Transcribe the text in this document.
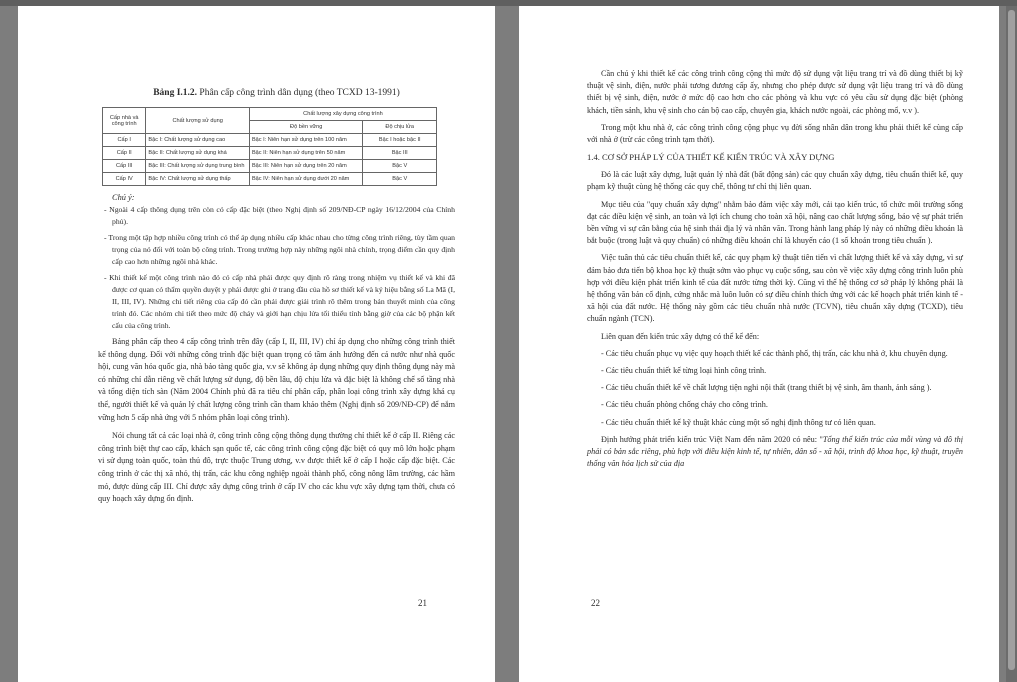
Bảng I.1.2. Phân cấp công trình dân dụng (theo TCXD 13-1991)
Cấp nhà và công trình	Chất lượng sử dụng	Chất lượng xây dựng công trình	
		Độ bền vững	Độ chịu lửa
Cấp I	Bậc I: Chất lượng sử dụng cao	Bậc I: Niên hạn sử dụng trên 100 năm	Bậc I hoặc bậc II
Cấp II	Bậc II: Chất lượng sử dụng khá	Bậc II: Niên hạn sử dụng trên 50 năm	Bậc III
Cấp III	Bậc III: Chất lượng sử dụng trung bình	Bậc III: Niên hạn sử dụng trên 20 năm	Bậc V
Cấp IV	Bậc IV: Chất lượng sử dụng thấp	Bậc IV: Niên hạn sử dụng dưới 20 năm	Bậc V
Chú ý:
- Ngoài 4 cấp thông dụng trên còn có cấp đặc biệt (theo Nghị định số 209/NĐ-CP ngày 16/12/2004 của Chính phủ).
- Trong một tập hợp nhiều công trình có thể áp dụng nhiều cấp khác nhau cho từng công trình riêng, tùy tầm quan trọng của nó đối với toàn bộ công trình. Trong trường hợp này những ngôi nhà chính, trọng điểm cần quy định cấp cao hơn những ngôi nhà khác.
- Khi thiết kế một công trình nào đó có cấp nhà phải được quy định rõ ràng trong nhiệm vụ thiết kế và khi đã được cơ quan có thẩm quyền duyệt y phải được ghi ở trang đầu của hồ sơ thiết kế và ký hiệu bằng số La Mã (I, II, III, IV). Những chi tiết riêng của cấp đó cần phải được giải trình rõ thêm trong bản thuyết minh của công trình đó. Các nhóm chi tiết theo mức độ cháy và giới hạn chịu lửa tối thiểu tính bằng giờ của các bộ phận kết cấu của công trình.

Bảng phân cấp theo 4 cấp công trình trên đây (cấp I, II, III, IV) chỉ áp dụng cho những công trình thiết kế thông dụng. Đối với những công trình đặc biệt quan trọng có tầm ảnh hưởng đến cả nước như nhà quốc hội, cung văn hóa quốc gia, nhà bảo tàng quốc gia, v.v sẽ không áp dụng những quy định thông dụng này mà có những chỉ dẫn riêng về chất lượng sử dụng, độ bền lâu, độ chịu lửa và đặc biệt là không chế số tầng nhà và tổng diện tích sàn (Năm 2004 Chính phủ đã ra tiêu chí phân cấp, phân loại công trình xây dựng khá cụ thể, người thiết kế và quản lý chất lượng công trình cần tham khảo thêm (Nghị định số 209/NĐ-CP) để nắm vững hơn 5 cấp nhà ứng với 5 nhóm phân loại công trình).

Nói chung tất cả các loại nhà ở, công trình công cộng thông dụng thường chỉ thiết kế ở cấp II. Riêng các công trình biệt thự cao cấp, khách sạn quốc tế, các công trình công cộng đặc biệt có quy mô lớn hoặc phạm vi sử dụng toàn quốc, toàn thủ đô, trực thuộc Trung ương, v.v được thiết kế ở cấp I hoặc cấp đặc biệt. Các công trình ở các thị xã nhỏ, thị trấn, các khu công nghiệp ngoài thành phố, công nông lâm trường, các hầm mỏ, được dùng cấp III. Chỉ được xây dựng công trình ở cấp IV cho các khu vực xây dựng tạm thời, chưa có quy hoạch xây dựng ổn định.

21

Cần chú ý khi thiết kế các công trình công cộng thì mức độ sử dụng vật liệu trang trí và đồ dùng thiết bị kỹ thuật vệ sinh, điện, nước phải tương đương cấp ấy, nhưng cho phép được sử dụng vật liệu trang trí và đồ dùng thiết bị vệ sinh, điện, nước ở mức độ cao hơn cho các phòng và khu vực có yêu cầu sử dụng đặc biệt (phòng khách, tiền sảnh, khu vệ sinh cho cán bộ cao cấp, chuyên gia, khách nước ngoài, các phòng mổ, v.v ).

Trong một khu nhà ở, các công trình công cộng phục vụ đời sống nhân dân trong khu phải thiết kế cùng cấp với nhà ở (trừ các công trình tạm thời).

1.4. CƠ SỞ PHÁP LÝ CỦA THIẾT KẾ KIẾN TRÚC VÀ XÂY DỰNG

Đó là các luật xây dựng, luật quản lý nhà đất (bất động sản) các quy chuẩn xây dựng, tiêu chuẩn thiết kế, quy phạm kỹ thuật cùng hệ thống các quy chế, thông tư chỉ thị liên quan.

Mục tiêu của "quy chuẩn xây dựng" nhằm bảo đảm việc xây mới, cải tạo kiến trúc, tổ chức môi trường sống đạt các điều kiện vệ sinh, an toàn và lợi ích chung cho toàn xã hội, nâng cao chất lượng sống, bảo vệ sự phát triển bền vững vì sự cân bằng của hệ sinh thái địa lý và nhân văn. Trong hành lang pháp lý này có những điều khoản là bắt buộc (trong luật và quy chuẩn) có những điều khoản chỉ là khuyến cáo (1 số khoản trong tiêu chuẩn ).

Việc tuân thủ các tiêu chuẩn thiết kế, các quy phạm kỹ thuật tiên tiến vì chất lượng thiết kế và xây dựng, vì sự đảm bảo đưa tiến bộ khoa học kỹ thuật sớm vào phục vụ cuộc sống, sau còn về việc xây dựng công trình luôn phù hợp với điều kiện phát triển kinh tế của đất nước từng thời kỳ. Cũng vì thế hệ thống cơ sở pháp lý không phải là hệ thống văn bản cố định, cứng nhắc mà luôn luôn có sự điều chỉnh thích ứng với các kế hoạch phát triển kinh tế - xã hội của đất nước. Hệ thống này gồm các tiêu chuẩn nhà nước (TCVN), tiêu chuẩn xây dựng (TCXD), tiêu chuẩn ngành (TCN).

Liên quan đến kiến trúc xây dựng có thể kể đến:

- Các tiêu chuẩn phục vụ việc quy hoạch thiết kế các thành phố, thị trấn, các khu nhà ở, khu chuyên dụng.

- Các tiêu chuẩn thiết kế từng loại hình công trình.

- Các tiêu chuẩn thiết kế về chất lượng tiện nghi nội thất (trang thiết bị vệ sinh, âm thanh, ánh sáng ).

- Các tiêu chuẩn phòng chống cháy cho công trình.

- Các tiêu chuẩn thiết kế kỹ thuật khác cùng một số nghị định thông tư có liên quan.

Định hướng phát triển kiến trúc Việt Nam đến năm 2020 có nêu: "Tổng thể kiến trúc của mỗi vùng và đô thị phải có bản sắc riêng, phù hợp với điều kiện kinh tế, tự nhiên, dân số - xã hội, trình độ khoa học, kỹ thuật, truyền thống văn hóa lịch sử của địa

22
